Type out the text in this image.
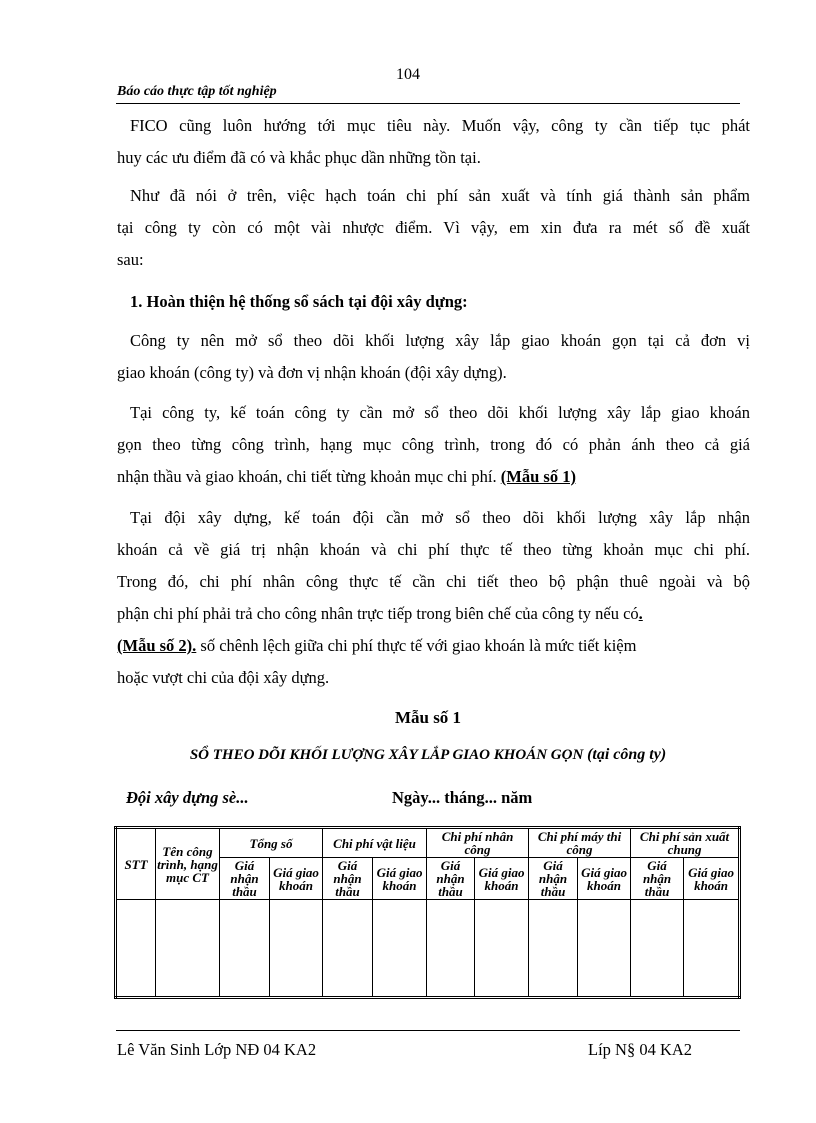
104
Báo cáo thực tập tốt nghiệp
FICO cũng luôn hướng tới mục tiêu này. Muốn vậy, công ty cần tiếp tục phát
huy các ưu điểm đã có và khắc phục dần những tồn tại.
Như đã nói ở trên, việc hạch toán chi phí sản xuất và tính giá thành sản phẩm
tại công ty còn có một vài nhược điểm. Vì vậy, em xin đưa ra mét số đề xuất
sau:
1. Hoàn thiện hệ thống sổ sách tại đội xây dựng:
Công ty nên mở sổ theo dõi khối lượng xây lắp giao khoán gọn tại cả đơn vị
giao khoán (công ty) và đơn vị nhận khoán (đội xây dựng).
Tại công ty, kế toán công ty cần mở sổ theo dõi khối lượng xây lắp giao khoán
gọn theo từng công trình, hạng mục công trình, trong đó có phản ánh theo cả giá
nhận thầu và giao khoán, chi tiết từng khoản mục chi phí. (Mẫu số 1)
Tại đội xây dựng, kế toán đội cần mở sổ theo dõi khối lượng xây lắp nhận
khoán cả về giá trị nhận khoán và chi phí thực tế theo từng khoản mục chi phí.
Trong đó, chi phí nhân công thực tế cần chi tiết theo bộ phận thuê ngoài và bộ
phận chi phí phải trả cho công nhân trực tiếp trong biên chế của công ty nếu có.
(Mẫu số 2). số chênh lệch giữa chi phí thực tế với giao khoán là mức tiết kiệm
hoặc vượt chi của đội xây dựng.
Mẫu số 1
SỔ THEO DÕI KHỐI LƯỢNG XÂY LẮP GIAO KHOÁN GỌN (tại công ty)
Đội xây dựng sè...	Ngày... tháng... năm
STT	Tên công trình, hạng mục CT	Tổng số		Chi phí vật liệu		Chi phí nhân công		Chi phí máy thi công		Chi phí sản xuất chung	
		Giá nhận thầu	Giá giao khoán	Giá nhận thầu	Giá giao khoán	Giá nhận thầu	Giá giao khoán	Giá nhận thầu	Giá giao khoán	Giá nhận thầu	Giá giao khoán

Lê Văn Sinh Lớp NĐ 04 KA2	Líp N§ 04 KA2
